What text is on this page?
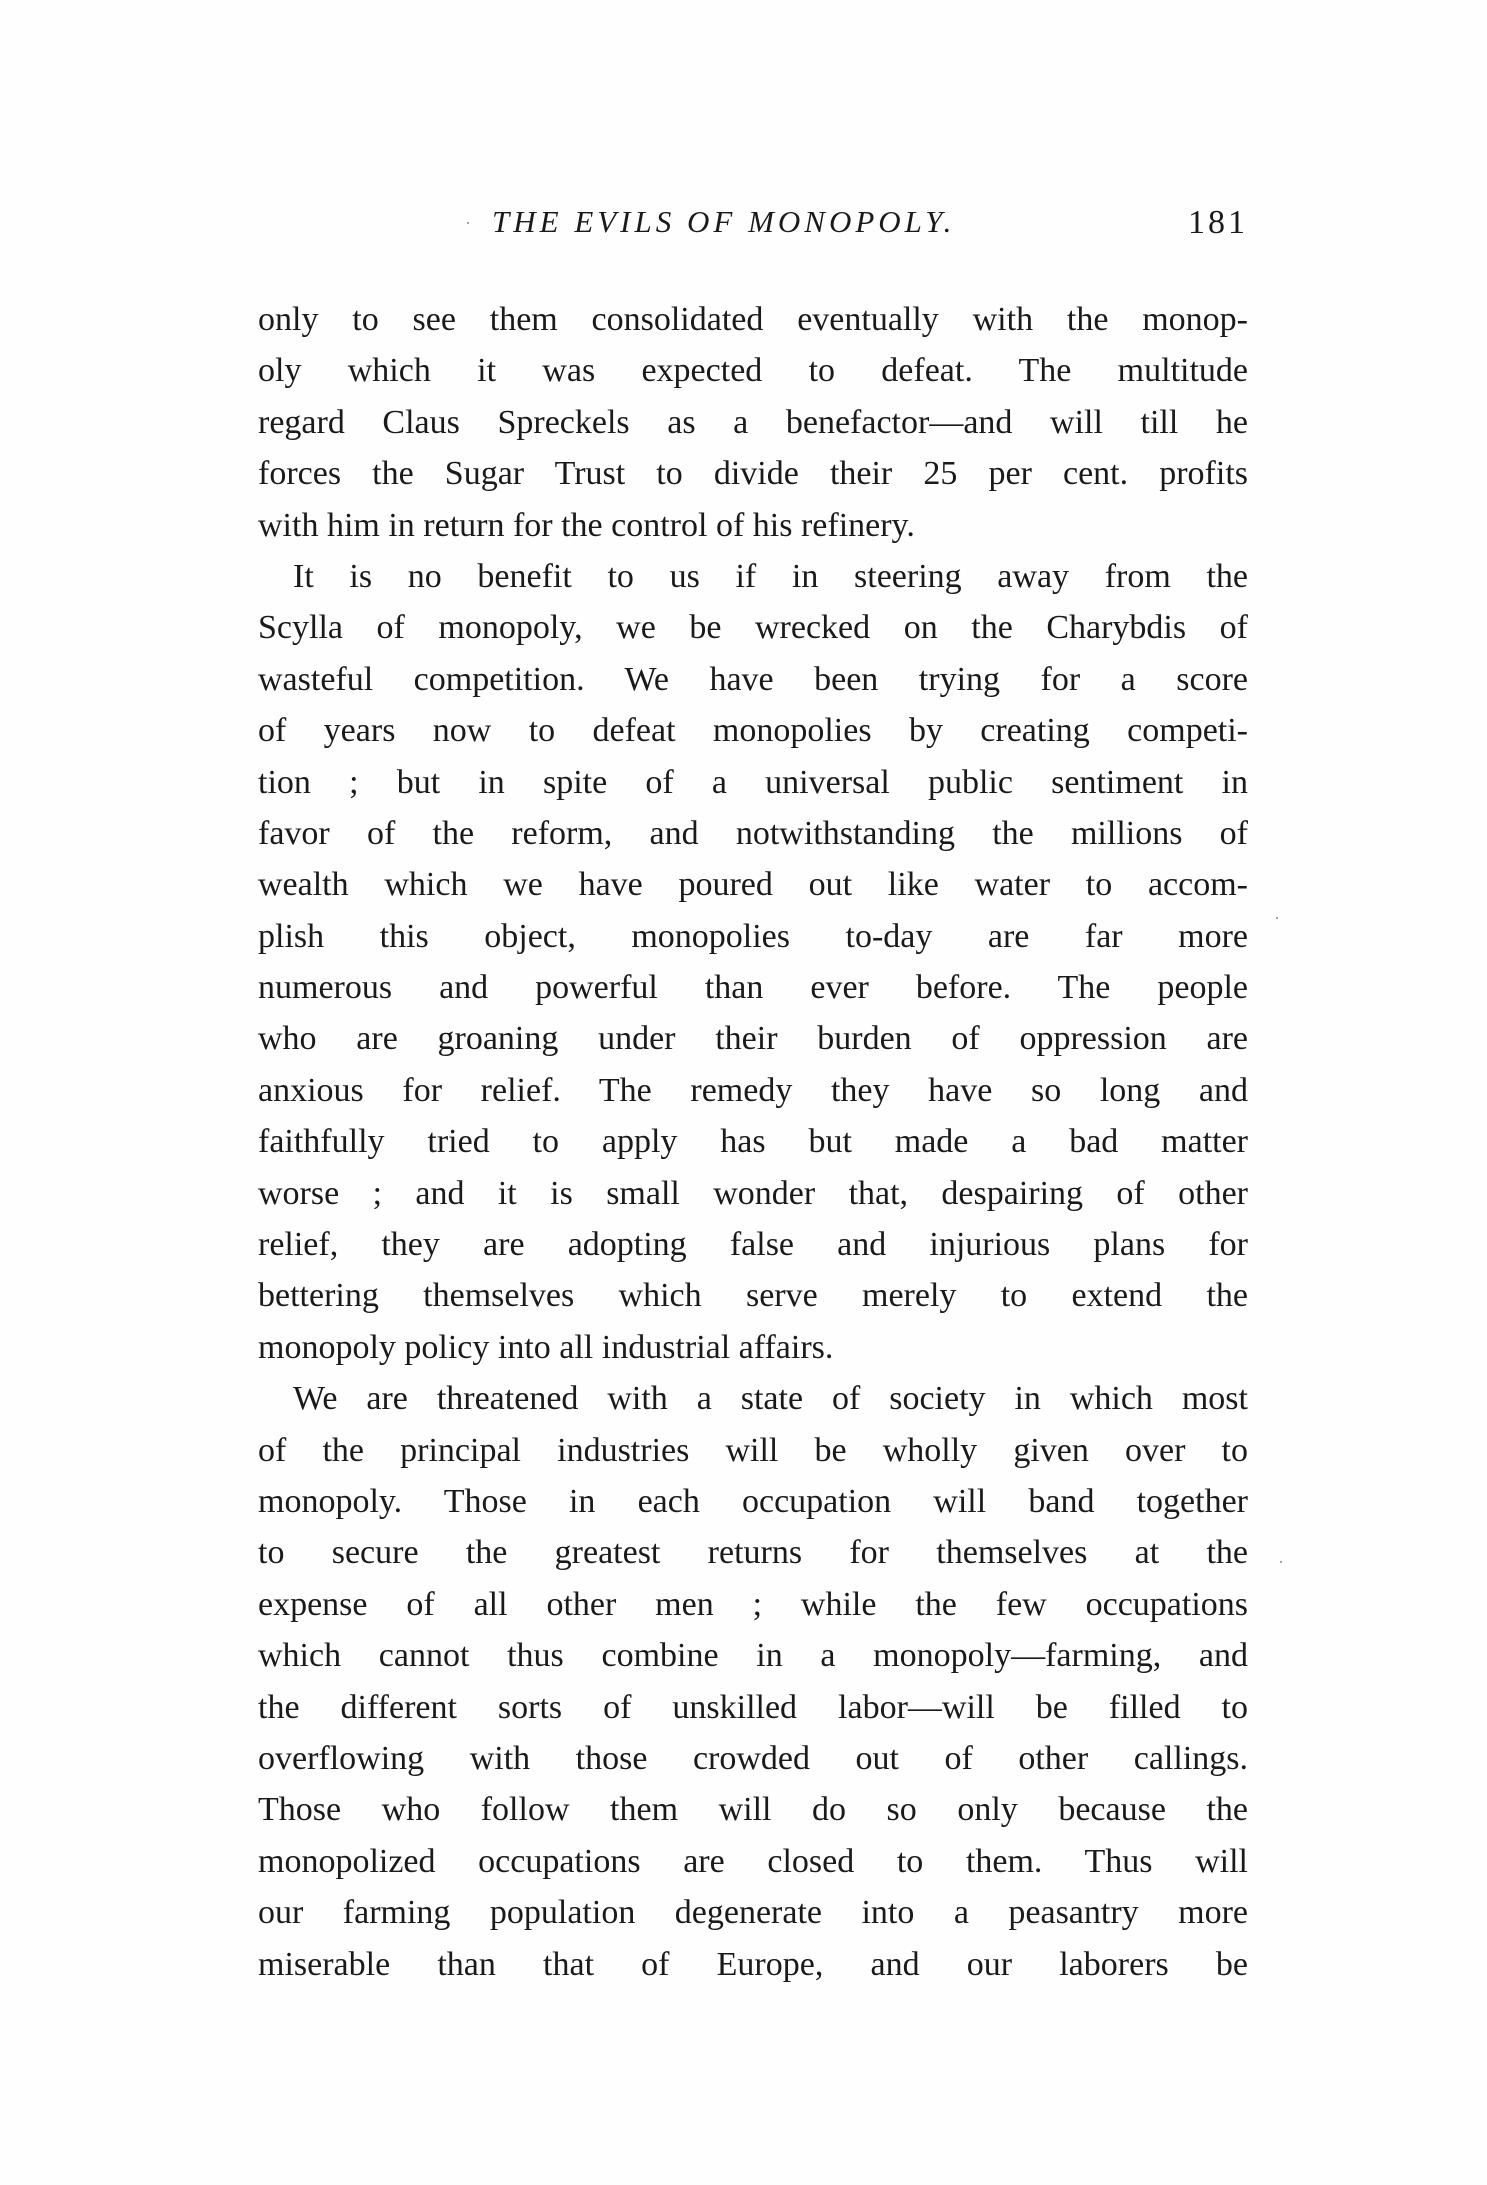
THE EVILS OF MONOPOLY.	181
only to see them consolidated eventually with the monop-
oly which it was expected to defeat. The multitude
regard Claus Spreckels as a benefactor—and will till he
forces the Sugar Trust to divide their 25 per cent. profits
with him in return for the control of his refinery.
It is no benefit to us if in steering away from the
Scylla of monopoly, we be wrecked on the Charybdis of
wasteful competition. We have been trying for a score
of years now to defeat monopolies by creating competi-
tion ; but in spite of a universal public sentiment in
favor of the reform, and notwithstanding the millions of
wealth which we have poured out like water to accom-
plish this object, monopolies to-day are far more
numerous and powerful than ever before. The people
who are groaning under their burden of oppression are
anxious for relief. The remedy they have so long and
faithfully tried to apply has but made a bad matter
worse ; and it is small wonder that, despairing of other
relief, they are adopting false and injurious plans for
bettering themselves which serve merely to extend the
monopoly policy into all industrial affairs.
We are threatened with a state of society in which most
of the principal industries will be wholly given over to
monopoly. Those in each occupation will band together
to secure the greatest returns for themselves at the
expense of all other men ; while the few occupations
which cannot thus combine in a monopoly—farming, and
the different sorts of unskilled labor—will be filled to
overflowing with those crowded out of other callings.
Those who follow them will do so only because the
monopolized occupations are closed to them. Thus will
our farming population degenerate into a peasantry more
miserable than that of Europe, and our laborers be
